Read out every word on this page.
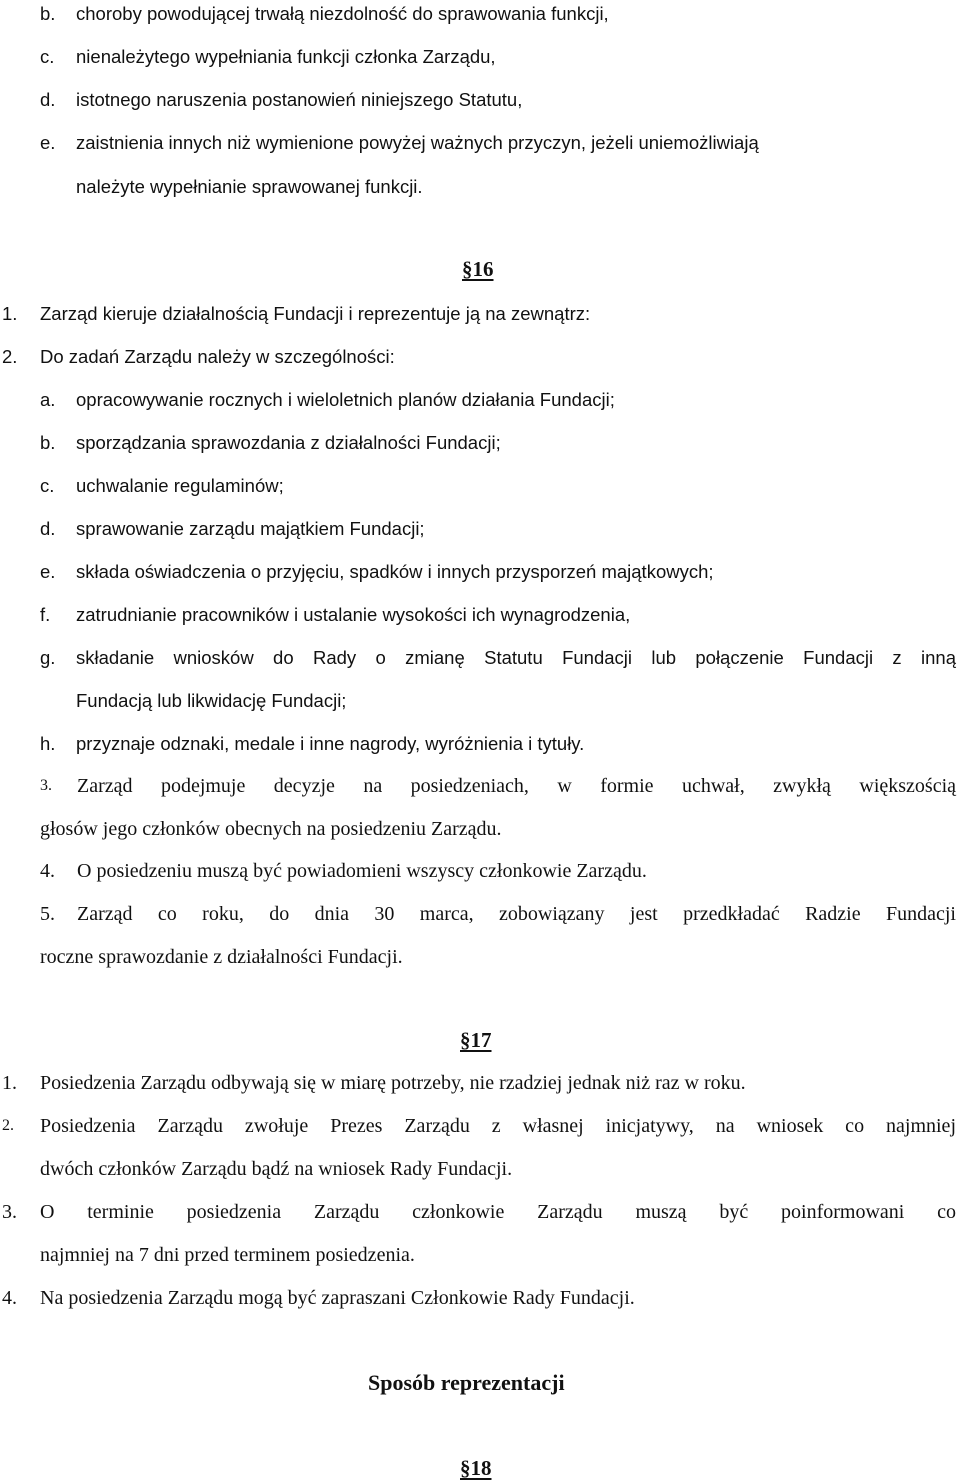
b. choroby powodującej trwałą niezdolność do sprawowania funkcji,
c. nienależytego wypełniania funkcji członka Zarządu,
d. istotnego naruszenia postanowień niniejszego Statutu,
e. zaistnienia innych niż wymienione powyżej ważnych przyczyn, jeżeli uniemożliwiają
należyte wypełnianie sprawowanej funkcji.
§16
1. Zarząd kieruje działalnością Fundacji i reprezentuje ją na zewnątrz:
2. Do zadań Zarządu należy w szczególności:
a. opracowywanie rocznych i wieloletnich planów działania Fundacji;
b. sporządzania sprawozdania z działalności Fundacji;
c. uchwalanie regulaminów;
d. sprawowanie zarządu majątkiem Fundacji;
e. składa oświadczenia o przyjęciu, spadków i innych przysporzeń majątkowych;
f. zatrudnianie pracowników i ustalanie wysokości ich wynagrodzenia,
g. składanie wniosków do Rady o zmianę Statutu Fundacji lub połączenie Fundacji z inną
Fundacją lub likwidację Fundacji;
h. przyznaje odznaki, medale i inne nagrody, wyróżnienia i tytuły.
3. Zarząd podejmuje decyzje na posiedzeniach, w formie uchwał, zwykłą większością
głosów jego członków obecnych na posiedzeniu Zarządu.
4. O posiedzeniu muszą być powiadomieni wszyscy członkowie Zarządu.
5. Zarząd co roku, do dnia 30 marca, zobowiązany jest przedkładać Radzie Fundacji
roczne sprawozdanie z działalności Fundacji.
§17
1. Posiedzenia Zarządu odbywają się w miarę potrzeby, nie rzadziej jednak niż raz w roku.
2. Posiedzenia Zarządu zwołuje Prezes Zarządu z własnej inicjatywy, na wniosek co najmniej
dwóch członków Zarządu bądź na wniosek Rady Fundacji.
3. O terminie posiedzenia Zarządu członkowie Zarządu muszą być poinformowani co
najmniej na 7 dni przed terminem posiedzenia.
4. Na posiedzenia Zarządu mogą być zapraszani Członkowie Rady Fundacji.
Sposób reprezentacji
§18
